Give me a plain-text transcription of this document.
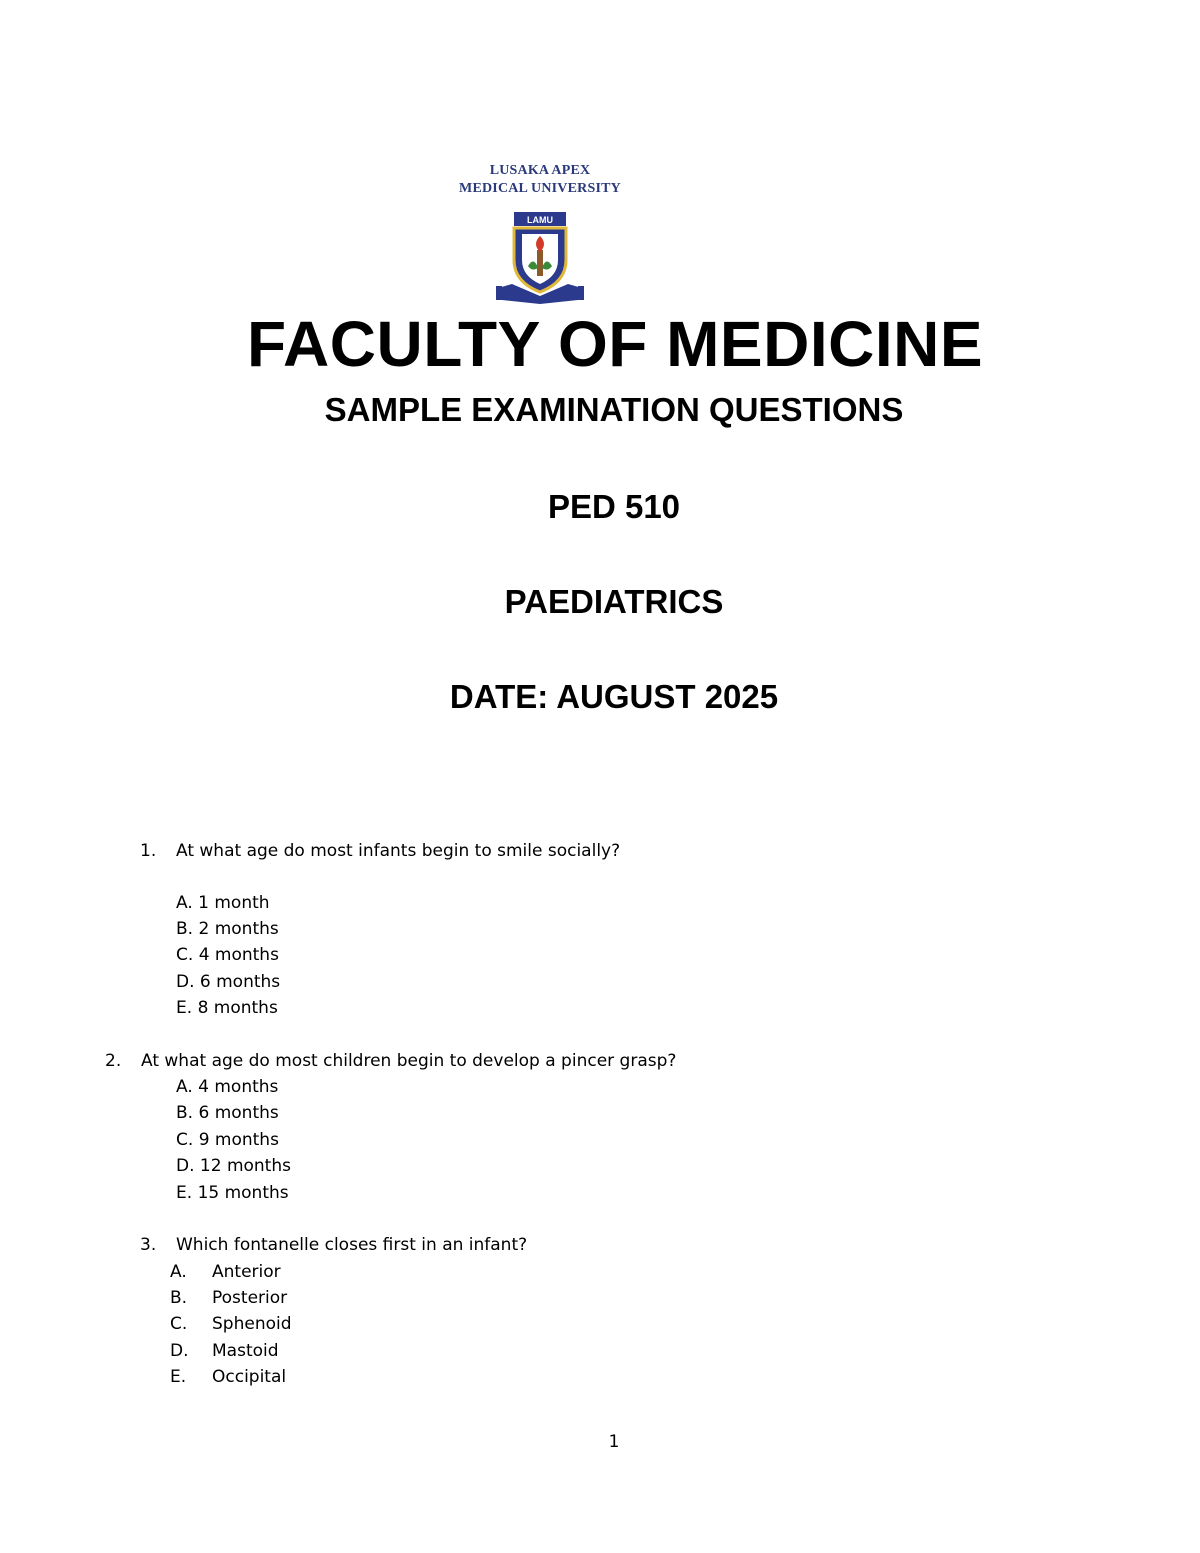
LUSAKA APEX
MEDICAL UNIVERSITY
LAMU
FACULTY OF MEDICINE
SAMPLE EXAMINATION QUESTIONS
PED 510
PAEDIATRICS
DATE: AUGUST 2025
1. At what age do most infants begin to smile socially?
A. 1 month
B. 2 months
C. 4 months
D. 6 months
E. 8 months
2. At what age do most children begin to develop a pincer grasp?
A. 4 months
B. 6 months
C. 9 months
D. 12 months
E. 15 months
3. Which fontanelle closes first in an infant?
A. Anterior
B. Posterior
C. Sphenoid
D. Mastoid
E. Occipital
1
